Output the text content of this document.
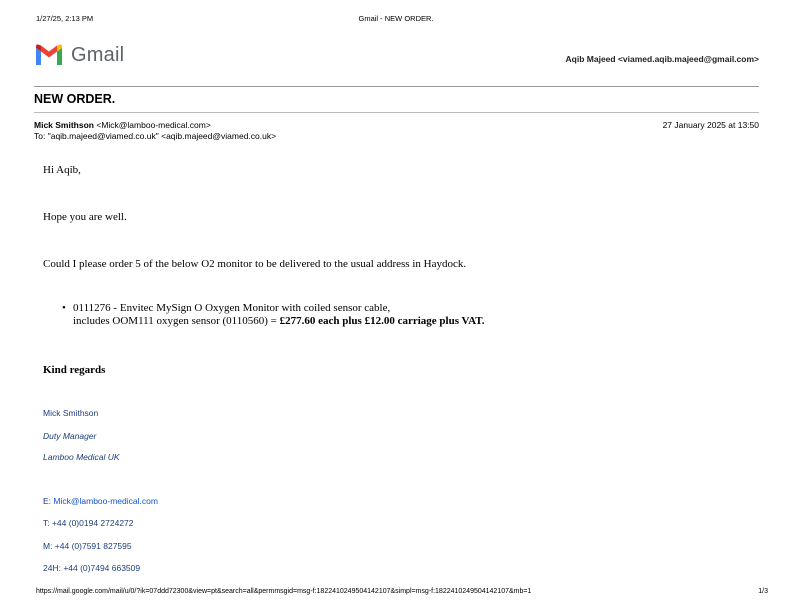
1/27/25, 2:13 PM	Gmail - NEW ORDER.
Gmail	Aqib Majeed <viamed.aqib.majeed@gmail.com>
NEW ORDER.
Mick Smithson <Mick@lamboo-medical.com>	27 January 2025 at 13:50
To: "aqib.majeed@viamed.co.uk" <aqib.majeed@viamed.co.uk>
Hi Aqib,
Hope you are well.
Could I please order 5 of the below O2 monitor to be delivered to the usual address in Haydock.
• 0111276 - Envitec MySign O Oxygen Monitor with coiled sensor cable,
includes OOM111 oxygen sensor (0110560) = £277.60 each plus £12.00 carriage plus VAT.
Kind regards
Mick Smithson
Duty Manager
Lamboo Medical UK
E: Mick@lamboo-medical.com
T: +44 (0)0194 2724272
M: +44 (0)7591 827595
24H: +44 (0)7494 663509
https://mail.google.com/mail/u/0/?ik=07ddd72300&view=pt&search=all&permmsgid=msg-f:1822410249504142107&simpl=msg-f:1822410249504142107&mb=1	1/3
